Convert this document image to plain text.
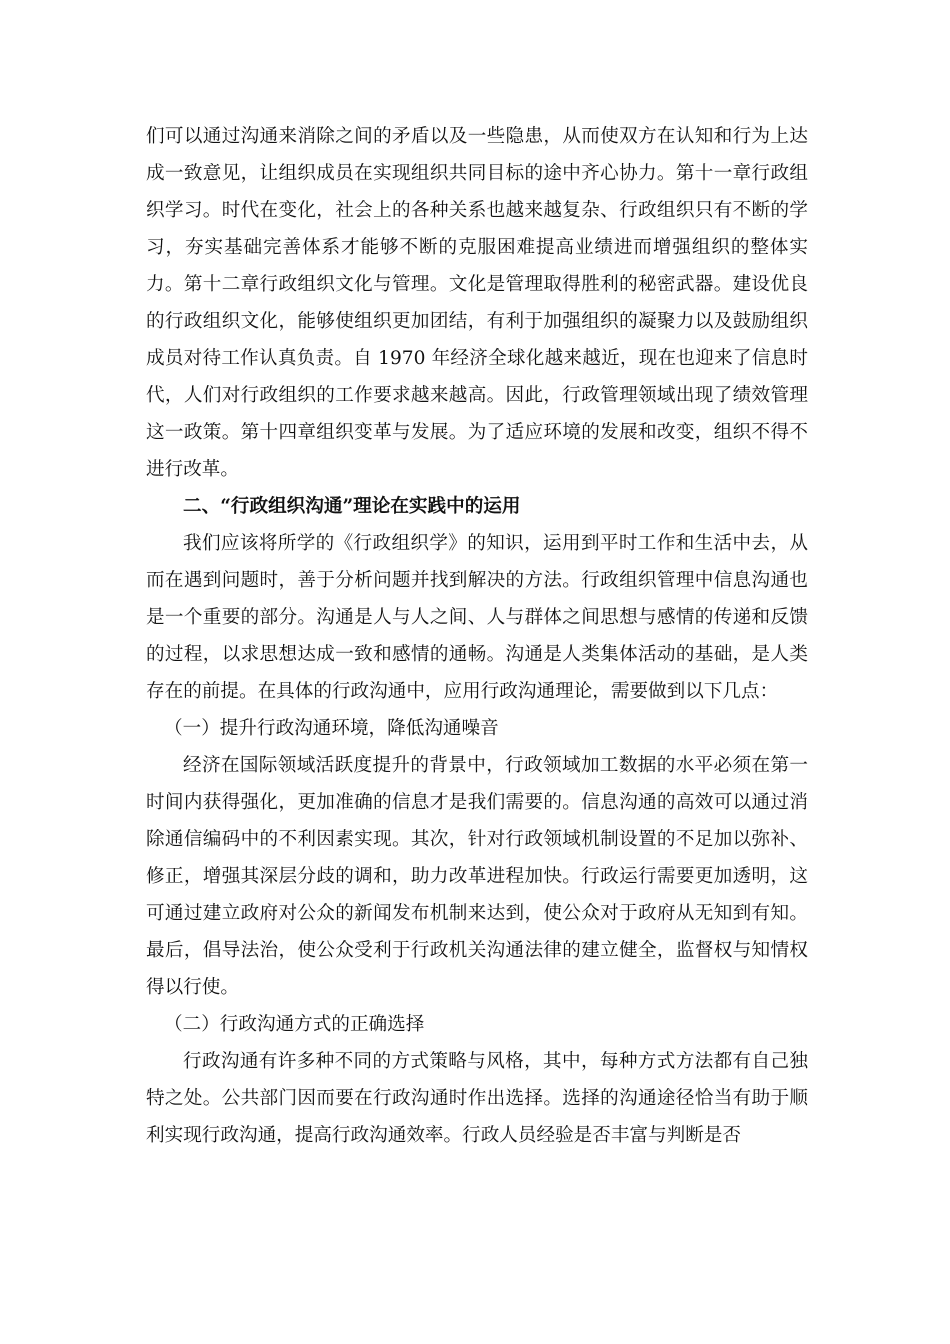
们可以通过沟通来消除之间的矛盾以及一些隐患，从而使双方在认知和行为上达成一致意见，让组织成员在实现组织共同目标的途中齐心协力。第十一章行政组织学习。时代在变化，社会上的各种关系也越来越复杂、行政组织只有不断的学习，夯实基础完善体系才能够不断的克服困难提高业绩进而增强组织的整体实力。第十二章行政组织文化与管理。文化是管理取得胜利的秘密武器。建设优良的行政组织文化，能够使组织更加团结，有利于加强组织的凝聚力以及鼓励组织成员对待工作认真负责。自 1970 年经济全球化越来越近，现在也迎来了信息时代，人们对行政组织的工作要求越来越高。因此，行政管理领域出现了绩效管理这一政策。第十四章组织变革与发展。为了适应环境的发展和改变，组织不得不进行改革。

二、“行政组织沟通”理论在实践中的运用

我们应该将所学的《行政组织学》的知识，运用到平时工作和生活中去，从而在遇到问题时，善于分析问题并找到解决的方法。行政组织管理中信息沟通也是一个重要的部分。沟通是人与人之间、人与群体之间思想与感情的传递和反馈的过程，以求思想达成一致和感情的通畅。沟通是人类集体活动的基础，是人类存在的前提。在具体的行政沟通中，应用行政沟通理论，需要做到以下几点：

（一）提升行政沟通环境，降低沟通噪音

经济在国际领域活跃度提升的背景中，行政领域加工数据的水平必须在第一时间内获得强化，更加准确的信息才是我们需要的。信息沟通的高效可以通过消除通信编码中的不利因素实现。其次，针对行政领域机制设置的不足加以弥补、修正，增强其深层分歧的调和，助力改革进程加快。行政运行需要更加透明，这可通过建立政府对公众的新闻发布机制来达到，使公众对于政府从无知到有知。最后，倡导法治，使公众受利于行政机关沟通法律的建立健全，监督权与知情权得以行使。

（二）行政沟通方式的正确选择

行政沟通有许多种不同的方式策略与风格，其中，每种方式方法都有自己独特之处。公共部门因而要在行政沟通时作出选择。选择的沟通途径恰当有助于顺利实现行政沟通，提高行政沟通效率。行政人员经验是否丰富与判断是否
